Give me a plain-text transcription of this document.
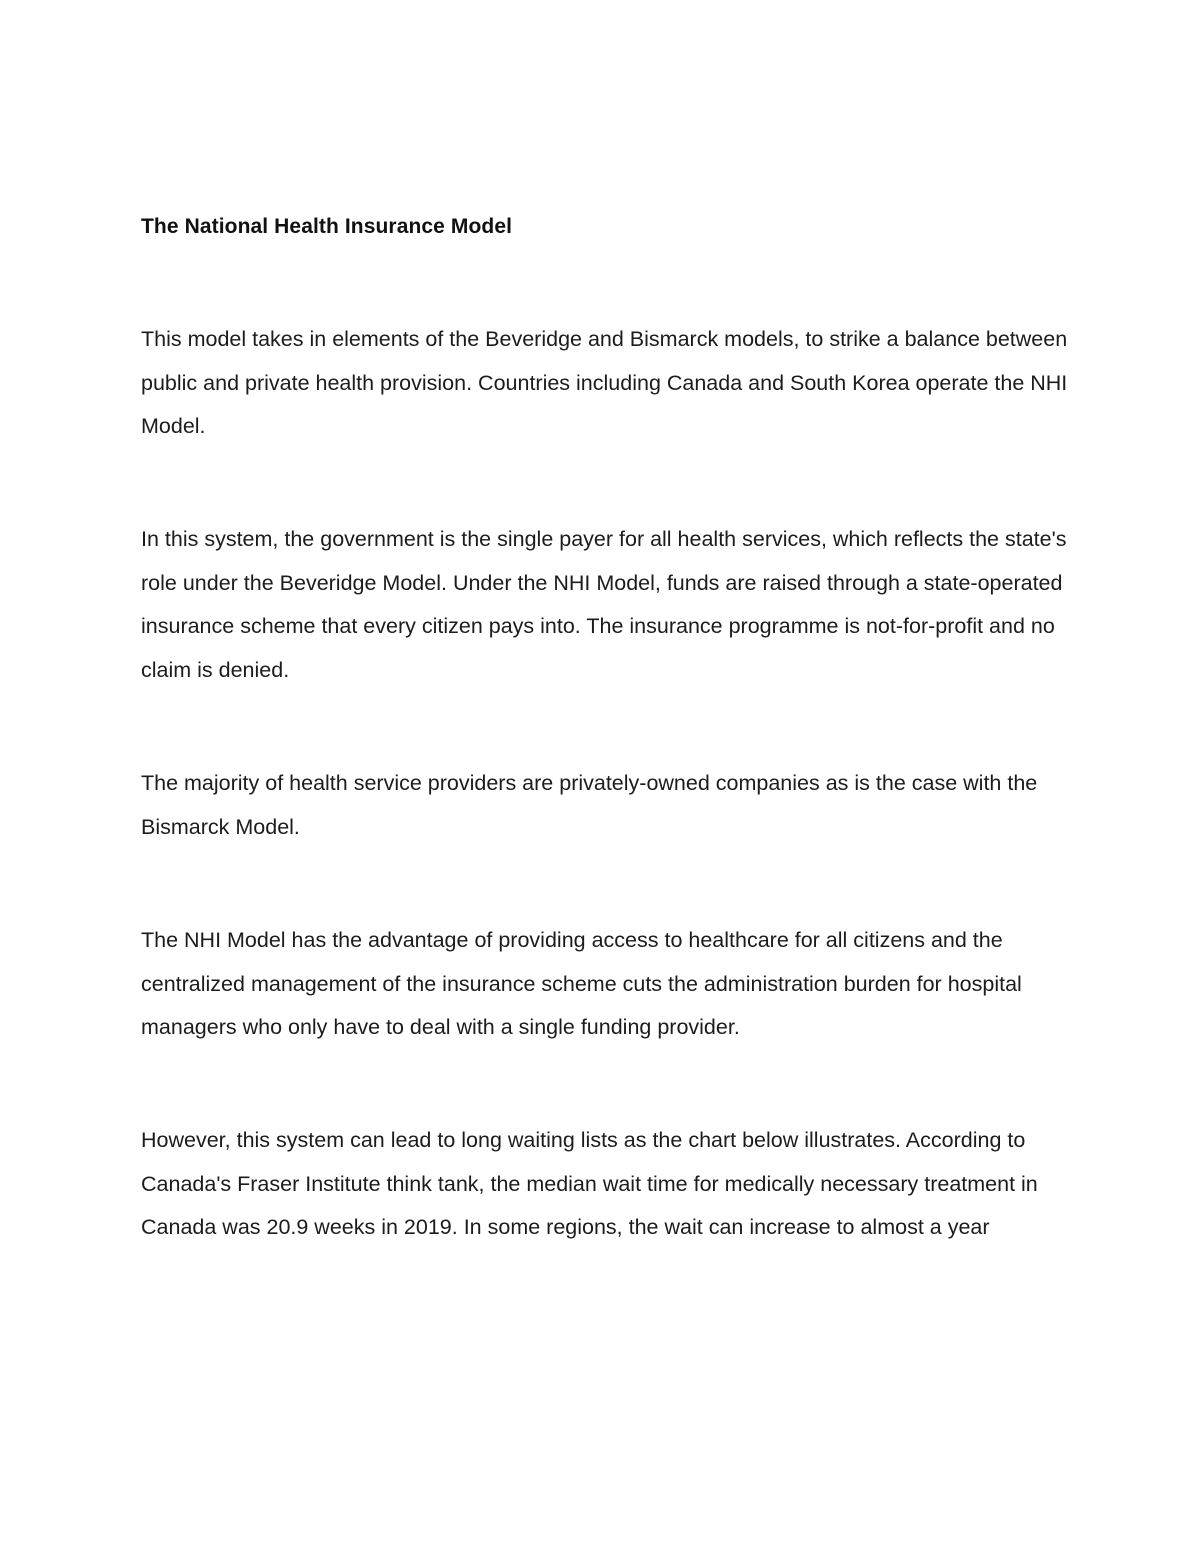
The National Health Insurance Model

This model takes in elements of the Beveridge and Bismarck models, to strike a balance between public and private health provision. Countries including Canada and South Korea operate the NHI Model.

In this system, the government is the single payer for all health services, which reflects the state's role under the Beveridge Model. Under the NHI Model, funds are raised through a state-operated insurance scheme that every citizen pays into. The insurance programme is not-for-profit and no claim is denied.

The majority of health service providers are privately-owned companies as is the case with the Bismarck Model.

The NHI Model has the advantage of providing access to healthcare for all citizens and the centralized management of the insurance scheme cuts the administration burden for hospital managers who only have to deal with a single funding provider.

However, this system can lead to long waiting lists as the chart below illustrates. According to Canada's Fraser Institute think tank, the median wait time for medically necessary treatment in Canada was 20.9 weeks in 2019. In some regions, the wait can increase to almost a year
